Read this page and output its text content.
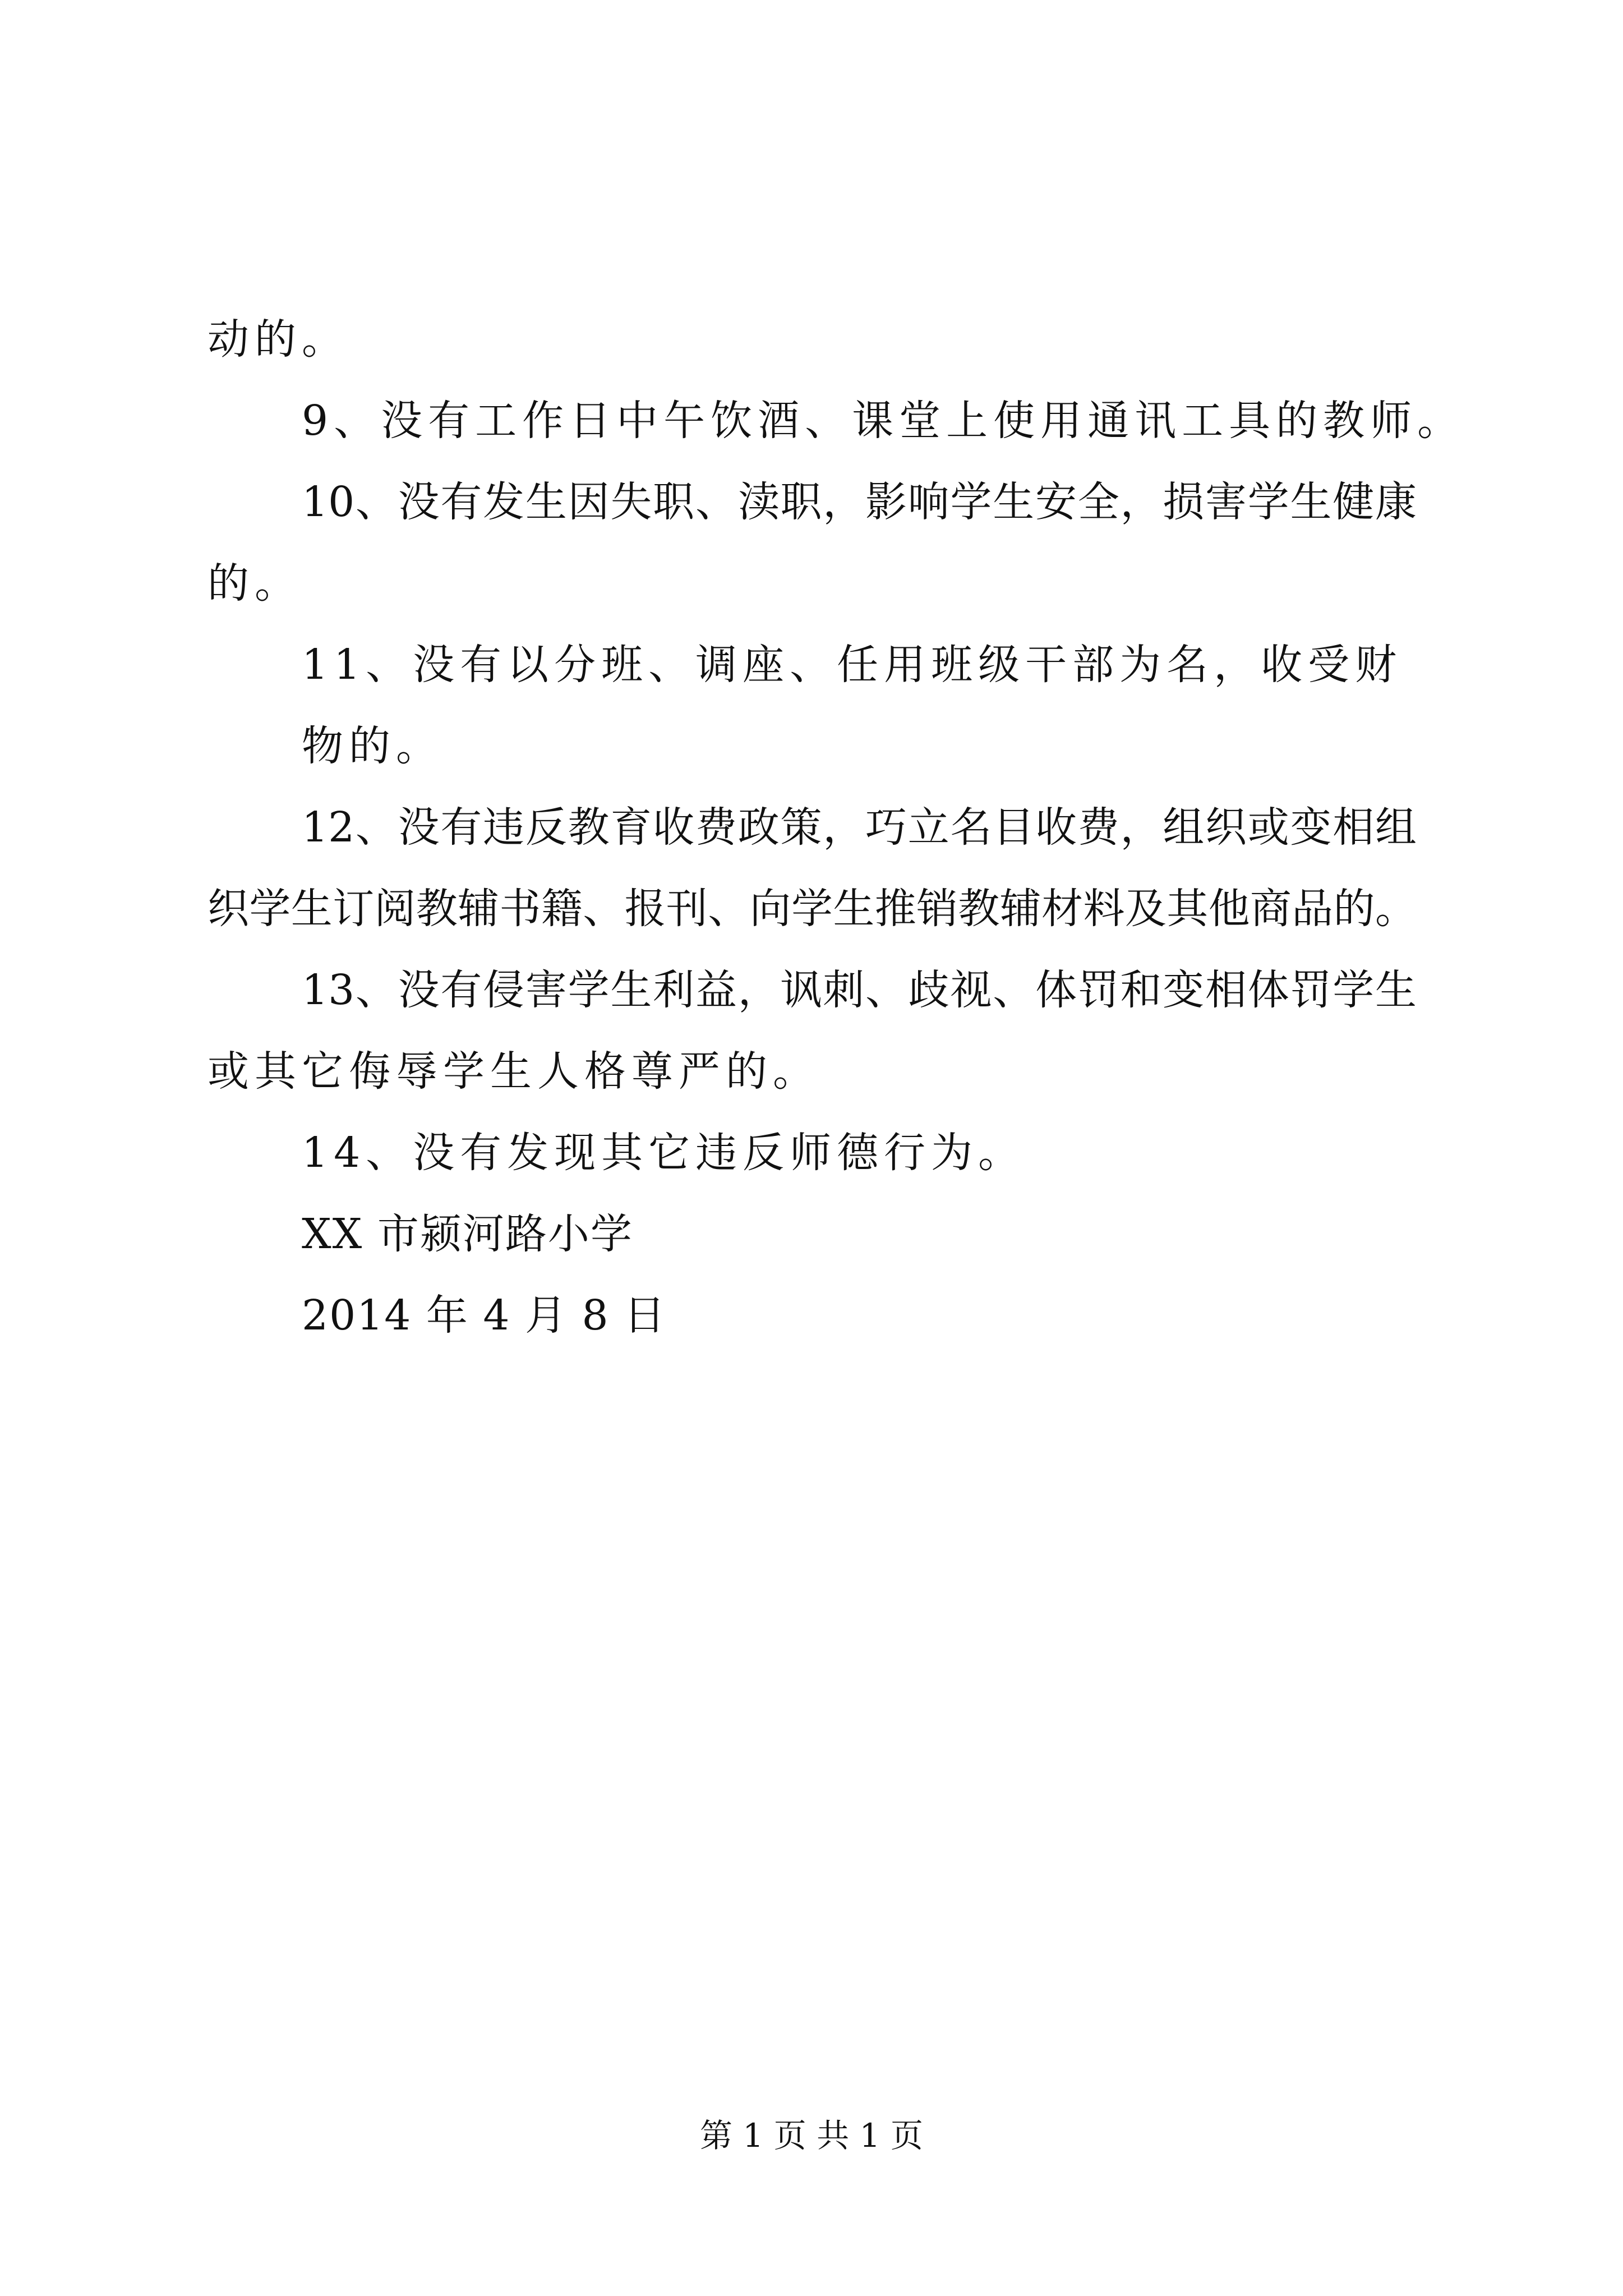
动的。
9、没有工作日中午饮酒、课堂上使用通讯工具的教师。
10、没有发生因失职、渎职，影响学生安全，损害学生健康
的。
11、没有以分班、调座、任用班级干部为名，收受财
物的。
12、没有违反教育收费政策，巧立名目收费，组织或变相组
织学生订阅教辅书籍、报刊、向学生推销教辅材料及其他商品的。
13、没有侵害学生利益，讽刺、歧视、体罚和变相体罚学生
或其它侮辱学生人格尊严的。
14、没有发现其它违反师德行为。
XX 市颍河路小学
2014 年 4 月 8 日
第 1 页 共 1 页
